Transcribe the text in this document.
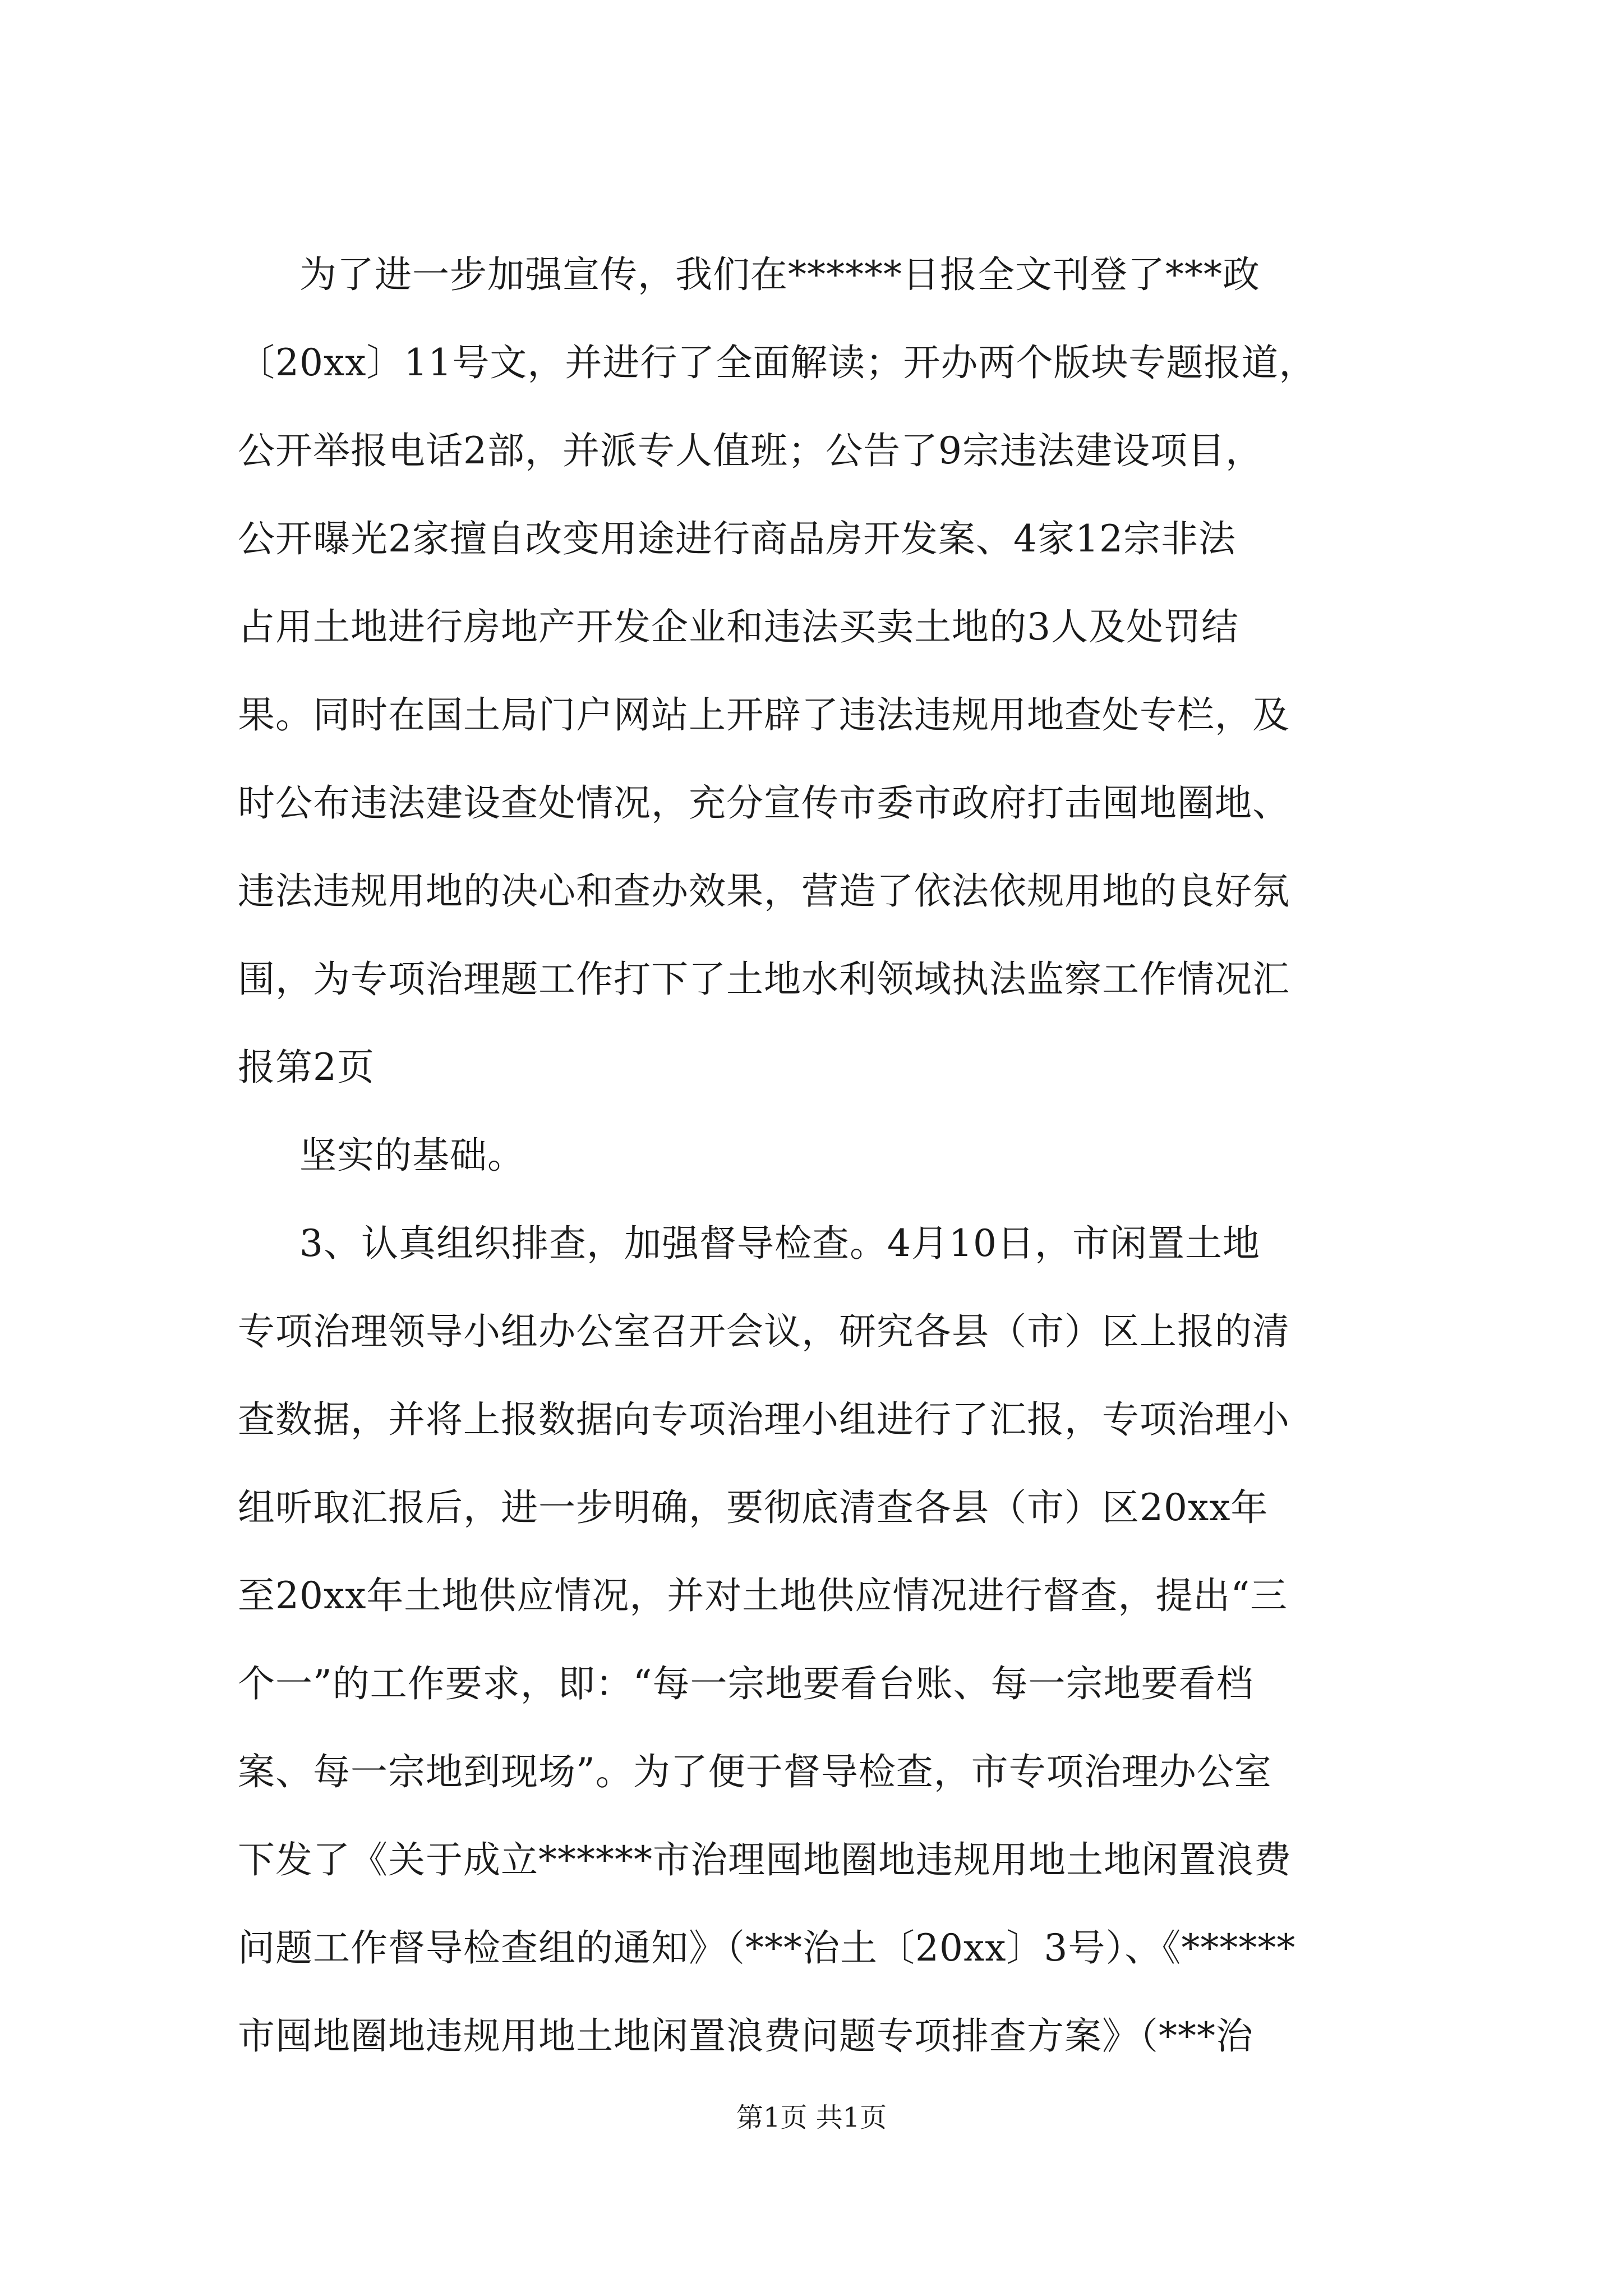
为了进一步加强宣传，我们在******日报全文刊登了***政
〔20xx〕11号文，并进行了全面解读；开办两个版块专题报道，
公开举报电话2部，并派专人值班；公告了9宗违法建设项目，
公开曝光2家擅自改变用途进行商品房开发案、4家12宗非法
占用土地进行房地产开发企业和违法买卖土地的3人及处罚结
果。同时在国土局门户网站上开辟了违法违规用地查处专栏，及
时公布违法建设查处情况，充分宣传市委市政府打击囤地圈地、
违法违规用地的决心和查办效果，营造了依法依规用地的良好氛
围，为专项治理题工作打下了土地水利领域执法监察工作情况汇
报第2页
坚实的基础。
3、认真组织排查，加强督导检查。4月10日，市闲置土地
专项治理领导小组办公室召开会议，研究各县（市）区上报的清
查数据，并将上报数据向专项治理小组进行了汇报，专项治理小
组听取汇报后，进一步明确，要彻底清查各县（市）区20xx年
至20xx年土地供应情况，并对土地供应情况进行督查，提出“三
个一”的工作要求，即：“每一宗地要看台账、每一宗地要看档
案、每一宗地到现场”。为了便于督导检查，市专项治理办公室
下发了《关于成立******市治理囤地圈地违规用地土地闲置浪费
问题工作督导检查组的通知》（***治土〔20xx〕3号）、《******
市囤地圈地违规用地土地闲置浪费问题专项排查方案》（***治
第1页 共1页
